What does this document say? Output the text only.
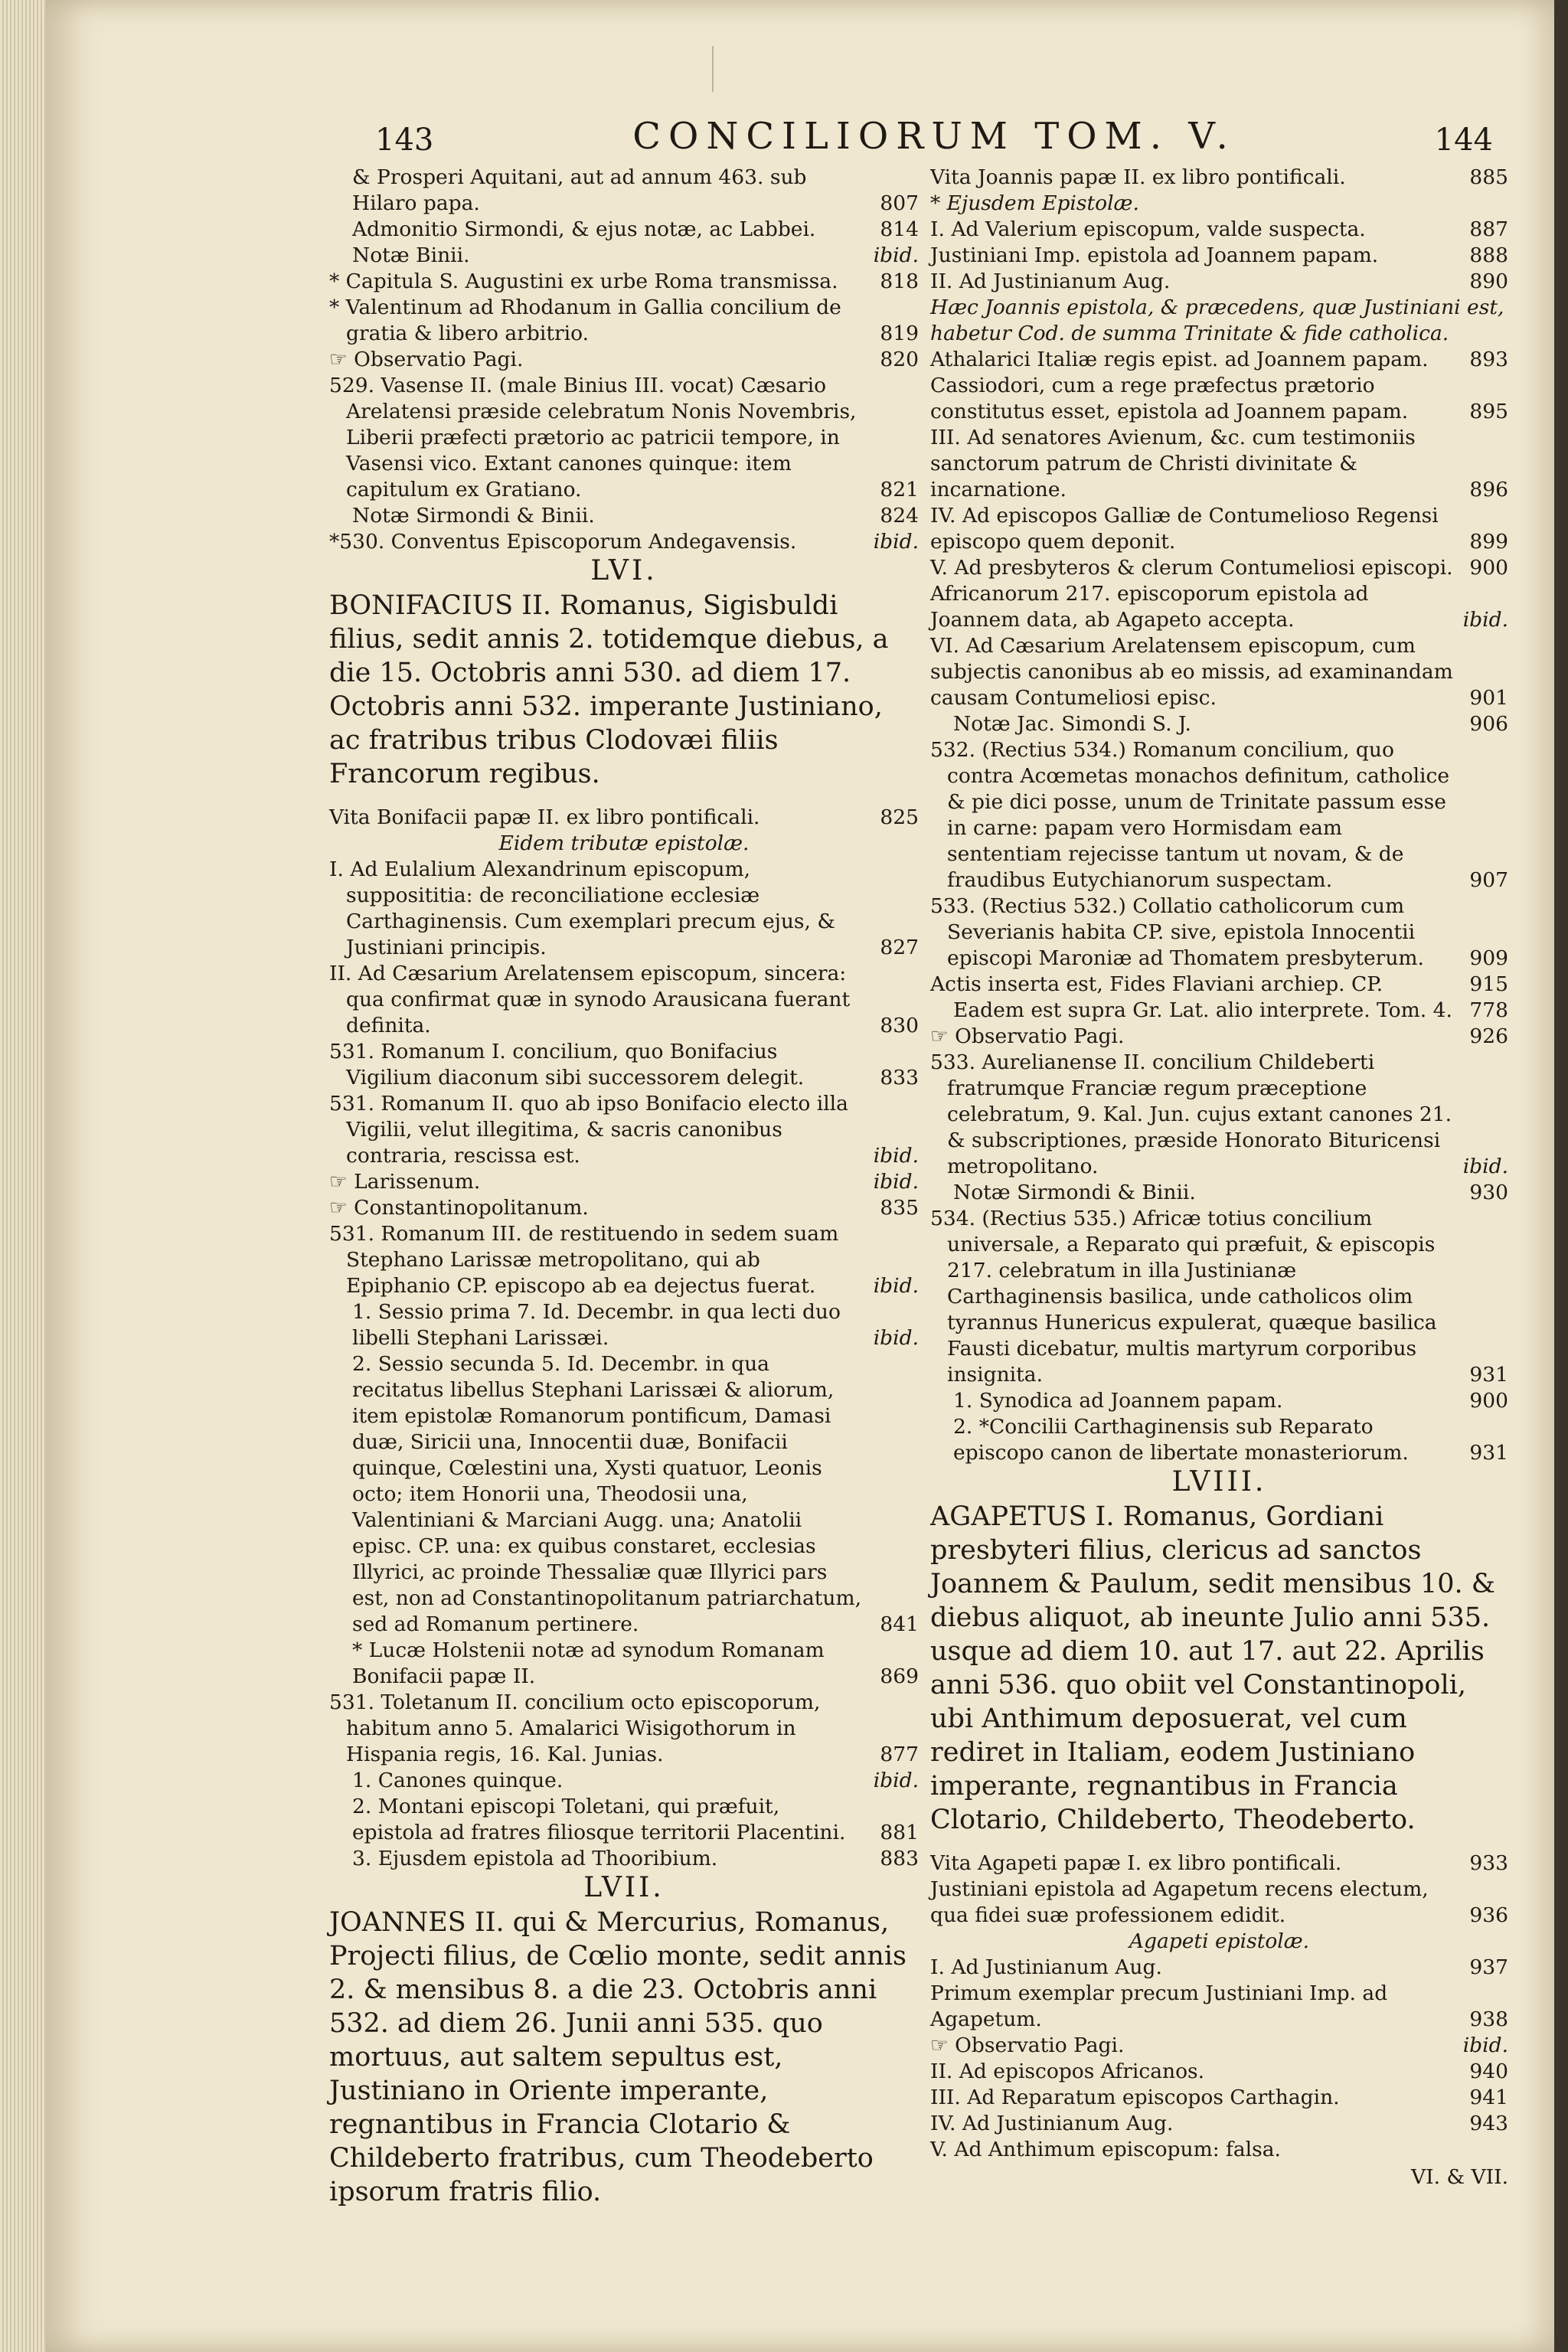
143	CONCILIORUM TOM. V.	144
& Prosperi Aquitani, aut ad annum 463. sub Hilaro papa.	807
Admonitio Sirmondi, & ejus notæ, ac Labbei.	814
Notæ Binii.	ibid.
* Capitula S. Augustini ex urbe Roma transmissa.	818
* Valentinum ad Rhodanum in Gallia concilium de gratia & libero arbitrio.	819
☞ Observatio Pagi.	820
529. Vasense II. (male Binius III. vocat) Cæsario Arelatensi præside celebratum Nonis Novembris, Liberii præfecti prætorio ac patricii tempore, in Vasensi vico. Extant canones quinque: item capitulum ex Gratiano.	821
Notæ Sirmondi & Binii.	824
*530. Conventus Episcoporum Andegavensis.	ibid.
LVI.
BONIFACIUS II. Romanus, Sigisbuldi filius, sedit annis 2. totidemque diebus, a die 15. Octobris anni 530. ad diem 17. Octobris anni 532. imperante Justiniano, ac fratribus tribus Clodovæi filiis Francorum regibus.
Vita Bonifacii papæ II. ex libro pontificali.	825
Eidem tributæ epistolæ.
I. Ad Eulalium Alexandrinum episcopum, supposititia: de reconciliatione ecclesiæ Carthaginensis. Cum exemplari precum ejus, & Justiniani principis.	827
II. Ad Cæsarium Arelatensem episcopum, sincera: qua confirmat quæ in synodo Arausicana fuerant definita.	830
531. Romanum I. concilium, quo Bonifacius Vigilium diaconum sibi successorem delegit.	833
531. Romanum II. quo ab ipso Bonifacio electo illa Vigilii, velut illegitima, & sacris canonibus contraria, rescissa est.	ibid.
☞ Larissenum.	ibid.
☞ Constantinopolitanum.	835
531. Romanum III. de restituendo in sedem suam Stephano Larissæ metropolitano, qui ab Epiphanio CP. episcopo ab ea dejectus fuerat.	ibid.
1. Sessio prima 7. Id. Decembr. in qua lecti duo libelli Stephani Larissæi.	ibid.
2. Sessio secunda 5. Id. Decembr. in qua recitatus libellus Stephani Larissæi & aliorum, item epistolæ Romanorum pontificum, Damasi duæ, Siricii una, Innocentii duæ, Bonifacii quinque, Cœlestini una, Xysti quatuor, Leonis octo; item Honorii una, Theodosii una, Valentiniani & Marciani Augg. una; Anatolii episc. CP. una: ex quibus constaret, ecclesias Illyrici, ac proinde Thessaliæ quæ Illyrici pars est, non ad Constantinopolitanum patriarchatum, sed ad Romanum pertinere.	841
* Lucæ Holstenii notæ ad synodum Romanam Bonifacii papæ II.	869
531. Toletanum II. concilium octo episcoporum, habitum anno 5. Amalarici Wisigothorum in Hispania regis, 16. Kal. Junias.	877
1. Canones quinque.	ibid.
2. Montani episcopi Toletani, qui præfuit, epistola ad fratres filiosque territorii Placentini.	881
3. Ejusdem epistola ad Thooribium.	883
LVII.
JOANNES II. qui & Mercurius, Romanus, Projecti filius, de Cœlio monte, sedit annis 2. & mensibus 8. a die 23. Octobris anni 532. ad diem 26. Junii anni 535. quo mortuus, aut saltem sepultus est, Justiniano in Oriente imperante, regnantibus in Francia Clotario & Childeberto fratribus, cum Theodeberto ipsorum fratris filio.
Vita Joannis papæ II. ex libro pontificali.	885
* Ejusdem Epistolæ.
I. Ad Valerium episcopum, valde suspecta.	887
Justiniani Imp. epistola ad Joannem papam.	888
II. Ad Justinianum Aug.	890
Hæc Joannis epistola, & præcedens, quæ Justiniani est, habetur Cod. de summa Trinitate & fide catholica.
Athalarici Italiæ regis epist. ad Joannem papam.	893
Cassiodori, cum a rege præfectus prætorio constitutus esset, epistola ad Joannem papam.	895
III. Ad senatores Avienum, &c. cum testimoniis sanctorum patrum de Christi divinitate & incarnatione.	896
IV. Ad episcopos Galliæ de Contumelioso Regensi episcopo quem deponit.	899
V. Ad presbyteros & clerum Contumeliosi episcopi. 900
Africanorum 217. episcoporum epistola ad Joannem data, ab Agapeto accepta.	ibid.
VI. Ad Cæsarium Arelatensem episcopum, cum subjectis canonibus ab eo missis, ad examinandam causam Contumeliosi episc.	901
Notæ Jac. Simondi S. J.	906
532. (Rectius 534.) Romanum concilium, quo contra Acœmetas monachos definitum, catholice & pie dici posse, unum de Trinitate passum esse in carne: papam vero Hormisdam eam sententiam rejecisse tantum ut novam, & de fraudibus Eutychianorum suspectam.	907
533. (Rectius 532.) Collatio catholicorum cum Severianis habita CP. sive, epistola Innocentii episcopi Maroniæ ad Thomatem presbyterum.	909
Actis inserta est, Fides Flaviani archiep. CP.	915
Eadem est supra Gr. Lat. alio interprete. Tom. 4. 778
☞ Observatio Pagi.	926
533. Aurelianense II. concilium Childeberti fratrumque Franciæ regum præceptione celebratum, 9. Kal. Jun. cujus extant canones 21. & subscriptiones, præside Honorato Bituricensi metropolitano.	ibid.
Notæ Sirmondi & Binii.	930
534. (Rectius 535.) Africæ totius concilium universale, a Reparato qui præfuit, & episcopis 217. celebratum in illa Justinianæ Carthaginensis basilica, unde catholicos olim tyrannus Hunericus expulerat, quæque basilica Fausti dicebatur, multis martyrum corporibus insignita.	931
1. Synodica ad Joannem papam.	900
2. *Concilii Carthaginensis sub Reparato episcopo canon de libertate monasteriorum.	931
LVIII.
AGAPETUS I. Romanus, Gordiani presbyteri filius, clericus ad sanctos Joannem & Paulum, sedit mensibus 10. & diebus aliquot, ab ineunte Julio anni 535. usque ad diem 10. aut 17. aut 22. Aprilis anni 536. quo obiit vel Constantinopoli, ubi Anthimum deposuerat, vel cum rediret in Italiam, eodem Justiniano imperante, regnantibus in Francia Clotario, Childeberto, Theodeberto.
Vita Agapeti papæ I. ex libro pontificali.	933
Justiniani epistola ad Agapetum recens electum, qua fidei suæ professionem edidit.	936
Agapeti epistolæ.
I. Ad Justinianum Aug.	937
Primum exemplar precum Justiniani Imp. ad Agapetum.	938
☞ Observatio Pagi.	ibid.
II. Ad episcopos Africanos.	940
III. Ad Reparatum episcopos Carthagin.	941
IV. Ad Justinianum Aug.	943
V. Ad Anthimum episcopum: falsa.
VI. & VII.
